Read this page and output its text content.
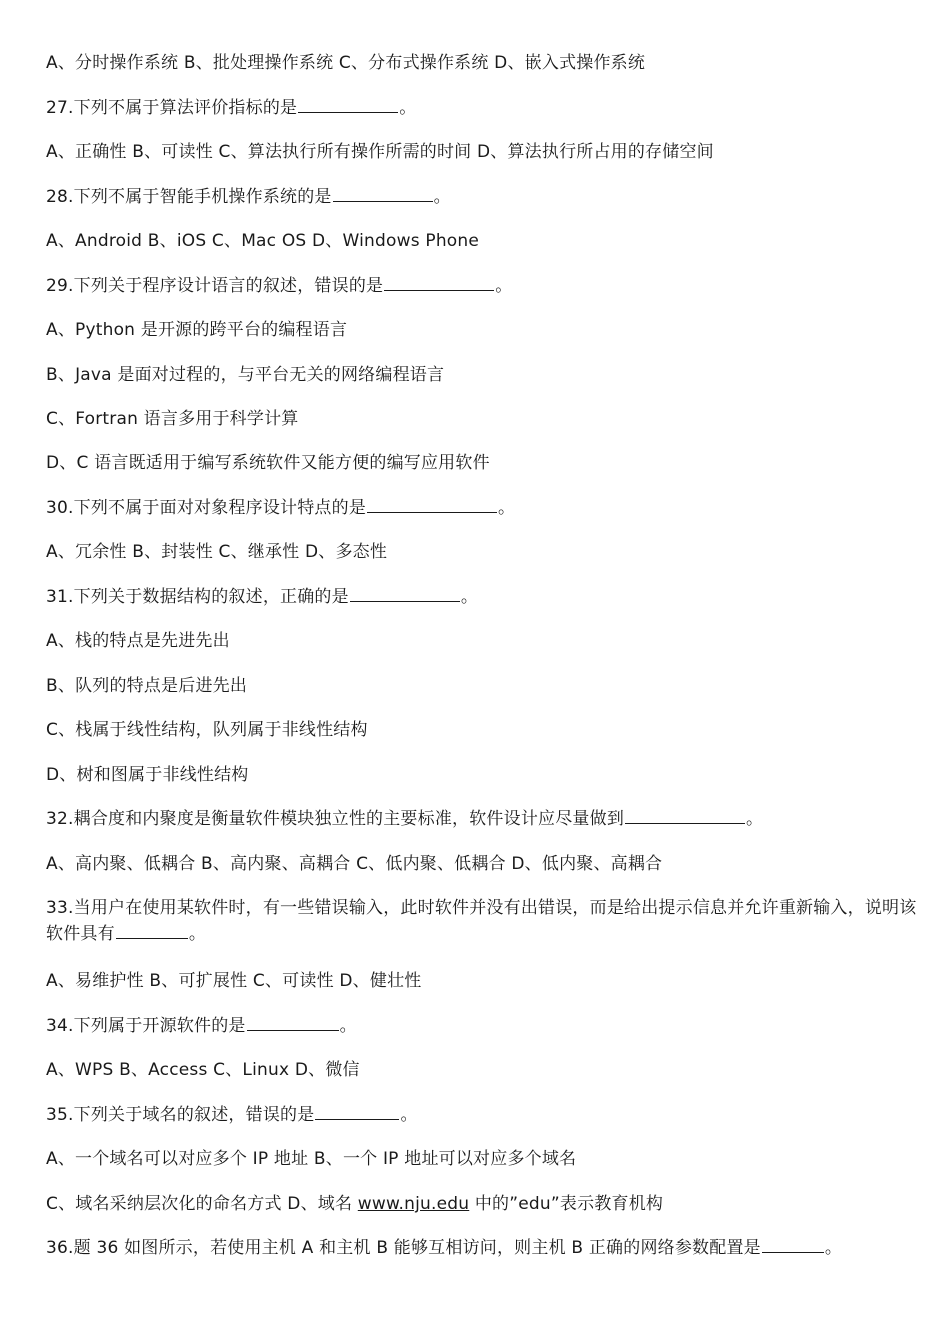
A、分时操作系统 B、批处理操作系统 C、分布式操作系统 D、嵌入式操作系统
27.下列不属于算法评价指标的是	。
A、正确性 B、可读性 C、算法执行所有操作所需的时间 D、算法执行所占用的存储空间
28.下列不属于智能手机操作系统的是	。
A、Android B、iOS C、Mac OS D、Windows Phone
29.下列关于程序设计语言的叙述，错误的是	。
A、Python 是开源的跨平台的编程语言
B、Java 是面对过程的，与平台无关的网络编程语言
C、Fortran 语言多用于科学计算
D、C 语言既适用于编写系统软件又能方便的编写应用软件
30.下列不属于面对对象程序设计特点的是	。
A、冗余性 B、封装性 C、继承性 D、多态性
31.下列关于数据结构的叙述，正确的是	。
A、栈的特点是先进先出
B、队列的特点是后进先出
C、栈属于线性结构，队列属于非线性结构
D、树和图属于非线性结构
32.耦合度和内聚度是衡量软件模块独立性的主要标准，软件设计应尽量做到	。
A、高内聚、低耦合 B、高内聚、高耦合 C、低内聚、低耦合 D、低内聚、高耦合
33.当用户在使用某软件时，有一些错误输入，此时软件并没有出错误，而是给出提示信息并允许重新输入，说明该软件具有	。
A、易维护性 B、可扩展性 C、可读性 D、健壮性
34.下列属于开源软件的是	。
A、WPS B、Access C、Linux D、微信
35.下列关于域名的叙述，错误的是	。
A、一个域名可以对应多个 IP 地址 B、一个 IP 地址可以对应多个域名
C、域名采纳层次化的命名方式 D、域名 www.nju.edu 中的”edu”表示教育机构
36.题 36 如图所示，若使用主机 A 和主机 B 能够互相访问，则主机 B 正确的网络参数配置是	。
